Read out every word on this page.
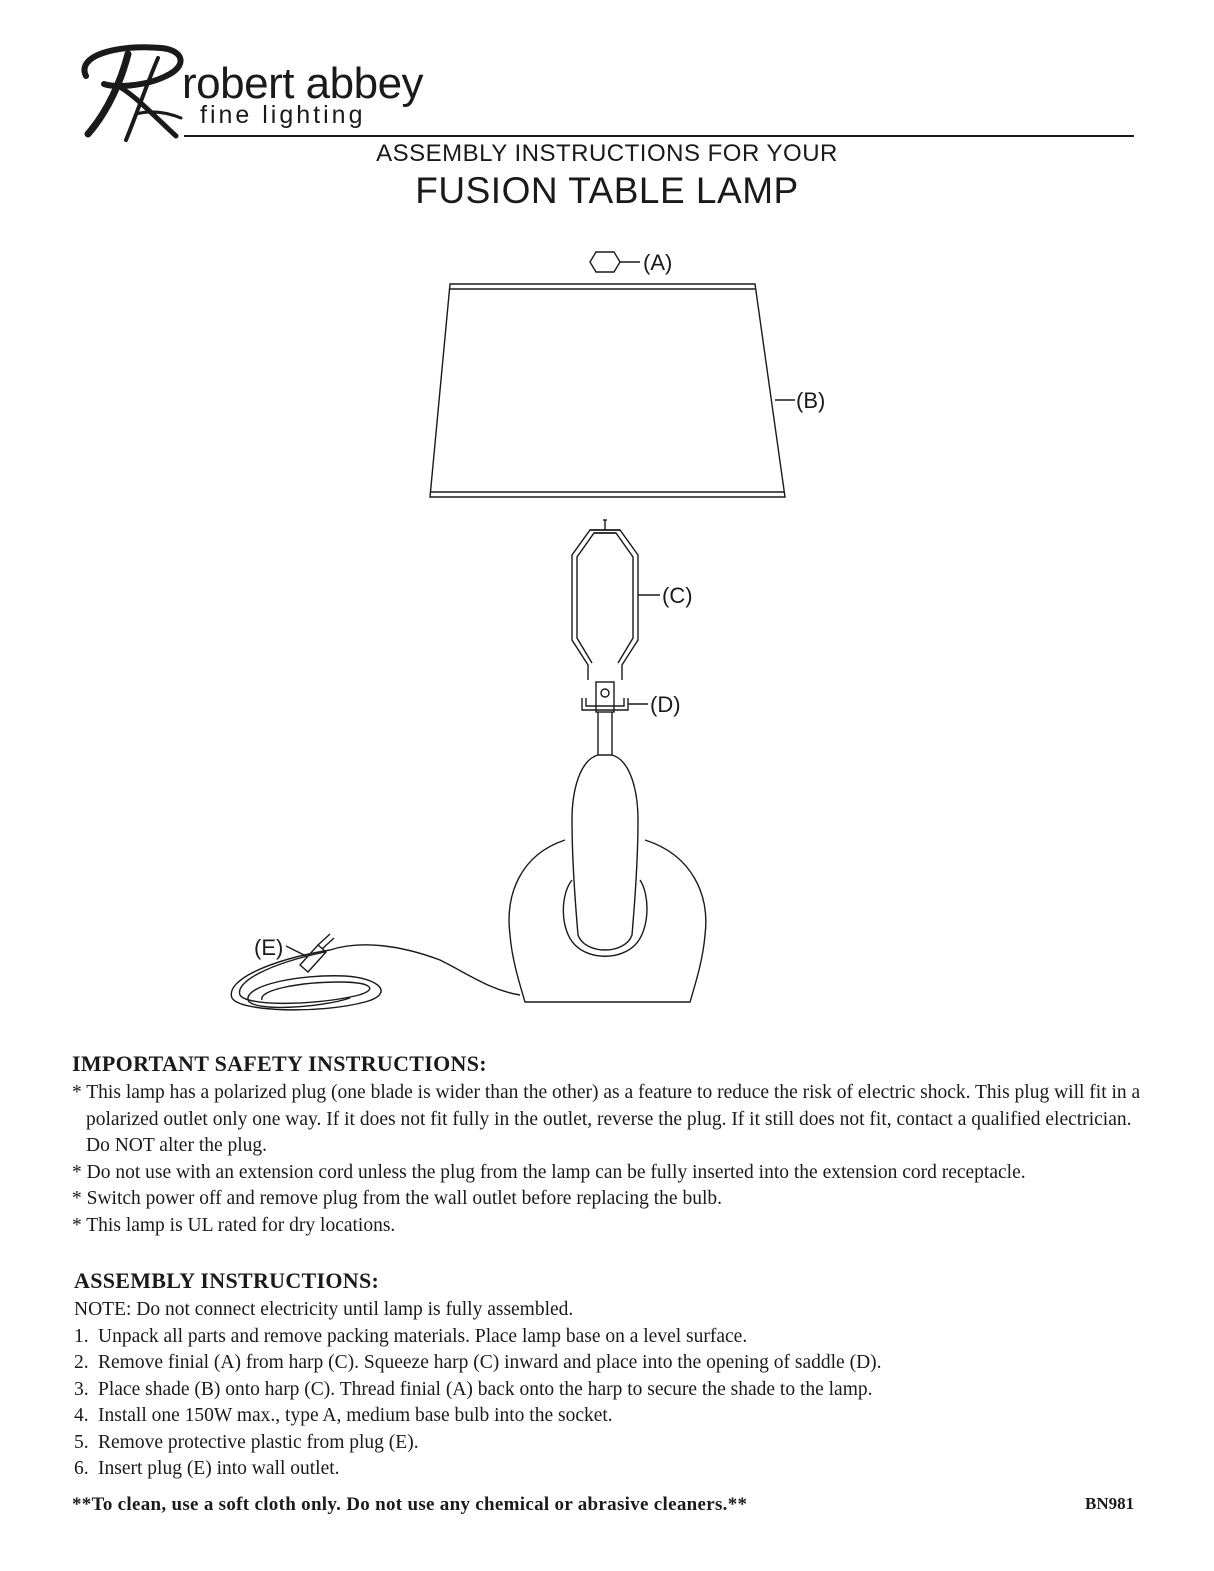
robert abbey
fine lighting
ASSEMBLY INSTRUCTIONS FOR YOUR
FUSION TABLE LAMP
(A)
(B)
(C)
(D)
(E)
IMPORTANT SAFETY INSTRUCTIONS:
* This lamp has a polarized plug (one blade is wider than the other) as a feature to reduce the risk of electric shock. This plug will fit in a polarized outlet only one way. If it does not fit fully in the outlet, reverse the plug. If it still does not fit, contact a qualified electrician. Do NOT alter the plug.
* Do not use with an extension cord unless the plug from the lamp can be fully inserted into the extension cord receptacle.
* Switch power off and remove plug from the wall outlet before replacing the bulb.
* This lamp is UL rated for dry locations.
ASSEMBLY INSTRUCTIONS:
NOTE: Do not connect electricity until lamp is fully assembled.
1. Unpack all parts and remove packing materials. Place lamp base on a level surface.
2. Remove finial (A) from harp (C). Squeeze harp (C) inward and place into the opening of saddle (D).
3. Place shade (B) onto harp (C). Thread finial (A) back onto the harp to secure the shade to the lamp.
4. Install one 150W max., type A, medium base bulb into the socket.
5. Remove protective plastic from plug (E).
6. Insert plug (E) into wall outlet.
**To clean, use a soft cloth only. Do not use any chemical or abrasive cleaners.**	BN981
